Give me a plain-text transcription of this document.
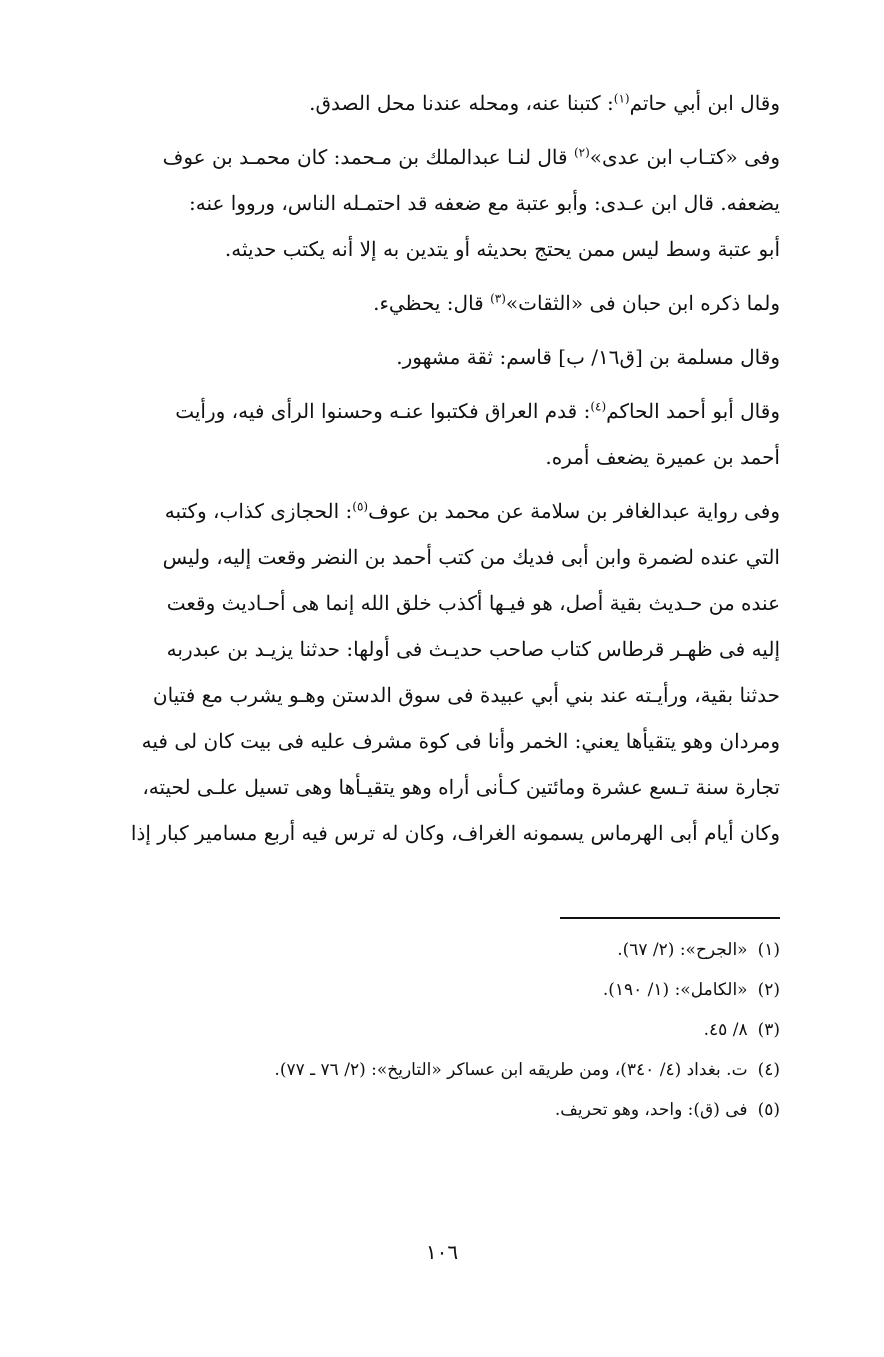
وقال ابن أبي حاتم$^{(١)}$: كتبنا عنه، ومحله عندنا محل الصدق.

وفى «كتـاب ابن عدى»$^{(٢)}$ قال لنـا عبدالملك بن مـحمد: كان محمـد بن عوف
يضعفه. قال ابن عـدى: وأبو عتبة مع ضعفه قد احتمـله الناس، ورووا عنه:
أبو عتبة وسط ليس ممن يحتج بحديثه أو يتدين به إلا أنه يكتب حديثه.

ولما ذكره ابن حبان فى «الثقات»$^{(٣)}$ قال: يحظيء.

وقال مسلمة بن [ق١٦/ ب] قاسم: ثقة مشهور.

وقال أبو أحمد الحاكم$^{(٤)}$: قدم العراق فكتبوا عنـه وحسنوا الرأى فيه، ورأيت
أحمد بن عميرة يضعف أمره.

وفى رواية عبدالغافر بن سلامة عن محمد بن عوف$^{(٥)}$: الحجازى كذاب، وكتبه
التي عنده لضمرة وابن أبى فديك من كتب أحمد بن النضر وقعت إليه، وليس
عنده من حـديث بقية أصل، هو فيـها أكذب خلق الله إنما هى أحـاديث وقعت
إليه فى ظهـر قرطاس كتاب صاحب حديـث فى أولها: حدثنا يزيـد بن عبدربه
حدثنا بقية، ورأيـته عند بني أبي عبيدة فى سوق الدستن وهـو يشرب مع فتيان
ومردان وهو يتقيأها يعني: الخمر وأنا فى كوة مشرف عليه فى بيت كان لى فيه
تجارة سنة تـسع عشرة ومائتين كـأنى أراه وهو يتقيـأها وهى تسيل علـى لحيته،
وكان أيام أبى الهرماس يسمونه الغراف، وكان له ترس فيه أربع مسامير كبار إذا

(١)«الجرح»: (٢/ ٦٧).

(٢)«الكامل»: (١/ ١٩٠).

(٣)٨/ ٤٥.

(٤)ت. بغداد (٤/ ٣٤٠)، ومن طريقه ابن عساكر «التاريخ»: (٢/ ٧٦ ـ ٧٧).

(٥)فى (ق): واحد، وهو تحريف.

١٠٦
